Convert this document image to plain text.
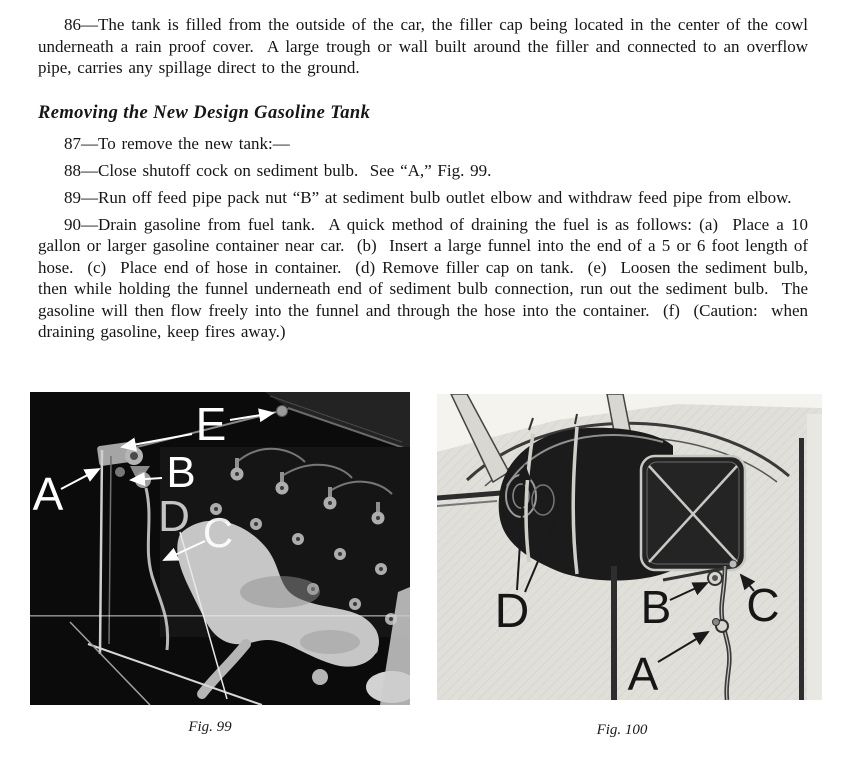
86—The tank is filled from the outside of the car, the filler cap being located in the center of the cowl underneath a rain proof cover.  A large trough or wall built around the filler and connected to an overflow pipe, carries any spillage direct to the ground.

Removing the New Design Gasoline Tank

87—To remove the new tank:—

88—Close shutoff cock on sediment bulb.  See “A,” Fig. 99.

89—Run off feed pipe pack nut “B” at sediment bulb outlet elbow and withdraw feed pipe from elbow.

90—Drain gasoline from fuel tank.  A quick method of draining the fuel is as follows: (a)  Place a 10 gallon or larger gasoline container near car.  (b)  Insert a large funnel into the end of a 5 or 6 foot length of hose.  (c)  Place end of hose in container.  (d) Remove filler cap on tank.  (e)  Loosen the sediment bulb, then while holding the funnel underneath end of sediment bulb connection, run out the sediment bulb.  The gasoline will then flow freely into the funnel and through the hose into the container.  (f)  (Caution:  when draining gasoline, keep fires away.)

E
B
A D C
D B C
A
Fig. 99	Fig. 100
